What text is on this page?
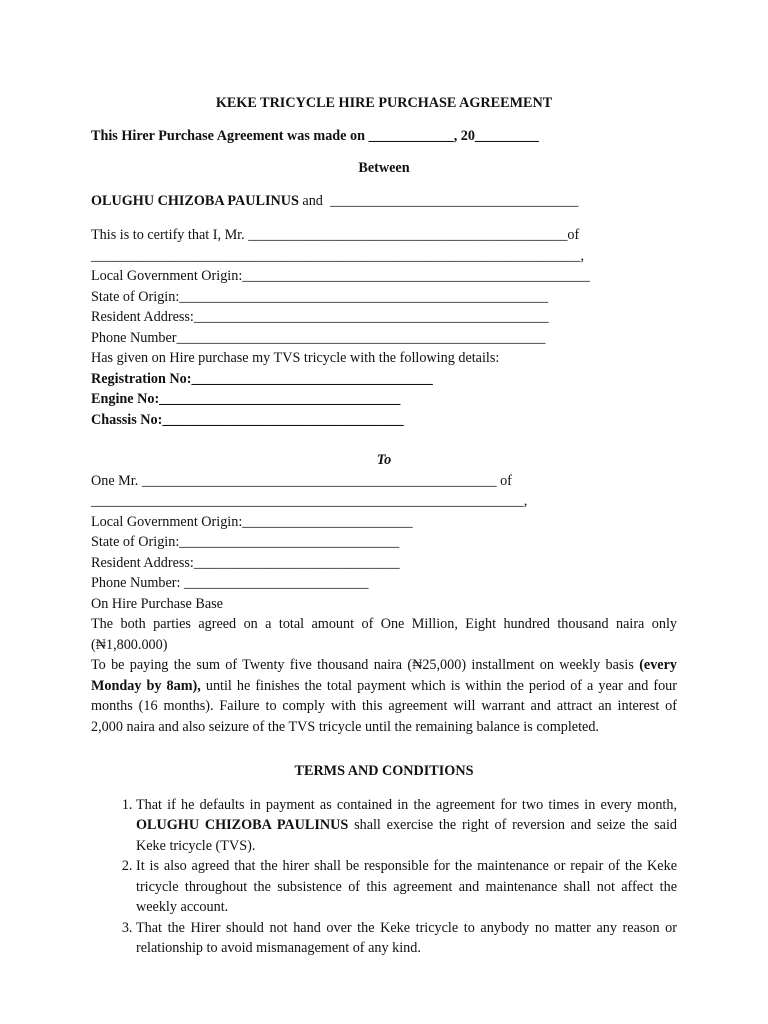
KEKE TRICYCLE HIRE PURCHASE AGREEMENT
This Hirer Purchase Agreement was made on ____________, 20_________
Between
OLUGHU CHIZOBA PAULINUS and ___________________________________
This is to certify that I, Mr. _____________________________________________of
_____________________________________________________________________,
Local Government Origin:_________________________________________________
State of Origin:____________________________________________________
Resident Address:__________________________________________________
Phone Number____________________________________________________
Has given on Hire purchase my TVS tricycle with the following details:
Registration No:__________________________________
Engine No:__________________________________
Chassis No:__________________________________
To
One Mr. __________________________________________________ of
_____________________________________________________________,
Local Government Origin:________________________
State of Origin:_______________________________
Resident Address:_____________________________
Phone Number: __________________________
On Hire Purchase Base
The both parties agreed on a total amount of One Million, Eight hundred thousand naira only (₦1,800.000)
To be paying the sum of Twenty five thousand naira (₦25,000) installment on weekly basis (every Monday by 8am), until he finishes the total payment which is within the period of a year and four months (16 months). Failure to comply with this agreement will warrant and attract an interest of 2,000 naira and also seizure of the TVS tricycle until the remaining balance is completed.
TERMS AND CONDITIONS
1. That if he defaults in payment as contained in the agreement for two times in every month, OLUGHU CHIZOBA PAULINUS shall exercise the right of reversion and seize the said Keke tricycle (TVS).
2. It is also agreed that the hirer shall be responsible for the maintenance or repair of the Keke tricycle throughout the subsistence of this agreement and maintenance shall not affect the weekly account.
3. That the Hirer should not hand over the Keke tricycle to anybody no matter any reason or relationship to avoid mismanagement of any kind.
